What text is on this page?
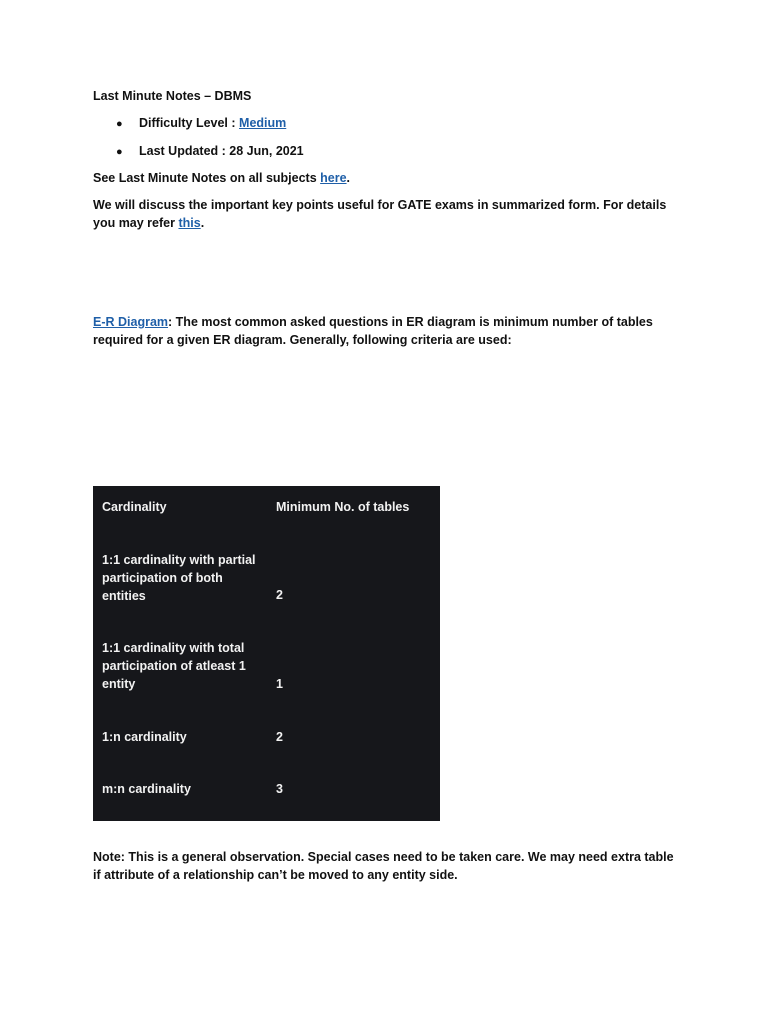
Last Minute Notes – DBMS
● Difficulty Level : Medium
● Last Updated : 28 Jun, 2021
See Last Minute Notes on all subjects here.
We will discuss the important key points useful for GATE exams in summarized form. For details you may refer this.
E-R Diagram: The most common asked questions in ER diagram is minimum number of tables required for a given ER diagram. Generally, following criteria are used:
Cardinality	Minimum No. of tables
1:1 cardinality with partial participation of both entities	2
1:1 cardinality with total participation of atleast 1 entity	1
1:n cardinality	2
m:n cardinality	3
Note: This is a general observation. Special cases need to be taken care. We may need extra table if attribute of a relationship can’t be moved to any entity side.
